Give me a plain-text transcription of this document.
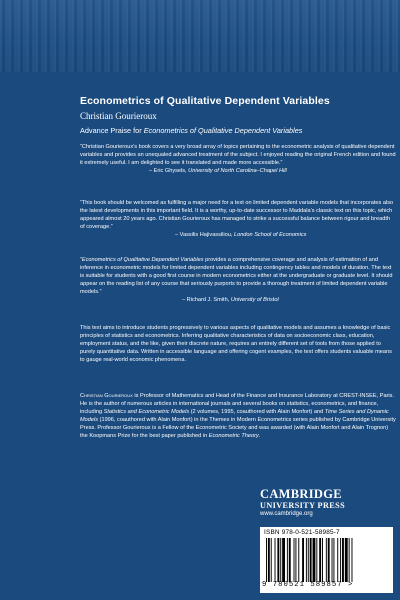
Econometrics of Qualitative Dependent Variables
Christian Gourieroux
Advance Praise for Econometrics of Qualitative Dependent Variables
“Christian Gourieroux’s book covers a very broad array of topics pertaining to the econometric analysis of qualitative dependent variables and provides an unequaled advanced treatment of the subject. I enjoyed reading the original French edition and found it extremely useful. I am delighted to see it translated and made more accessible.”
– Eric Ghysels, University of North Carolina–Chapel Hill
“This book should be welcomed as fulfilling a major need for a text on limited dependent variable models that incorporates also the latest developments in this important field. It is a worthy, up-to-date successor to Maddala’s classic text on this topic, which appeared almost 20 years ago. Christian Gourieroux has managed to strike a successful balance between rigour and breadth of coverage.”
– Vassilis Hajivassiliou, London School of Economics
“Econometrics of Qualitative Dependent Variables provides a comprehensive coverage and analysis of estimation of and inference in econometric models for limited dependent variables including contingency tables and models of duration. The text is suitable for students with a good first course in modern econometrics either at the undergraduate or graduate level. It should appear on the reading list of any course that seriously purports to provide a thorough treatment of limited dependent variable models.”
– Richard J. Smith, University of Bristol
This text aims to introduce students progressively to various aspects of qualitative models and assumes a knowledge of basic principles of statistics and econometrics. Inferring qualitative characteristics of data on socioeconomic class, education, employment status, and the like, given their discrete nature, requires an entirely different set of tools from those applied to purely quantitative data. Written in accessible language and offering cogent examples, the text offers students valuable means to gauge real-world economic phenomena.
Christian Gourieroux is Professor of Mathematics and Head of the Finance and Insurance Laboratory at CREST-INSEE, Paris. He is the author of numerous articles in international journals and several books on statistics, econometrics, and finance, including Statistics and Econometric Models (2 volumes, 1995, coauthored with Alain Monfort) and Time Series and Dynamic Models (1996, coauthored with Alain Monfort) in the Themes in Modern Econometrics series published by Cambridge University Press. Professor Gourieroux is a Fellow of the Econometric Society and was awarded (with Alain Monfort and Alain Trognon) the Koopmans Prize for the best paper published in Econometric Theory.
CAMBRIDGE
UNIVERSITY PRESS
www.cambridge.org
ISBN 978-0-521-58985-7
9 780521 589857 >
